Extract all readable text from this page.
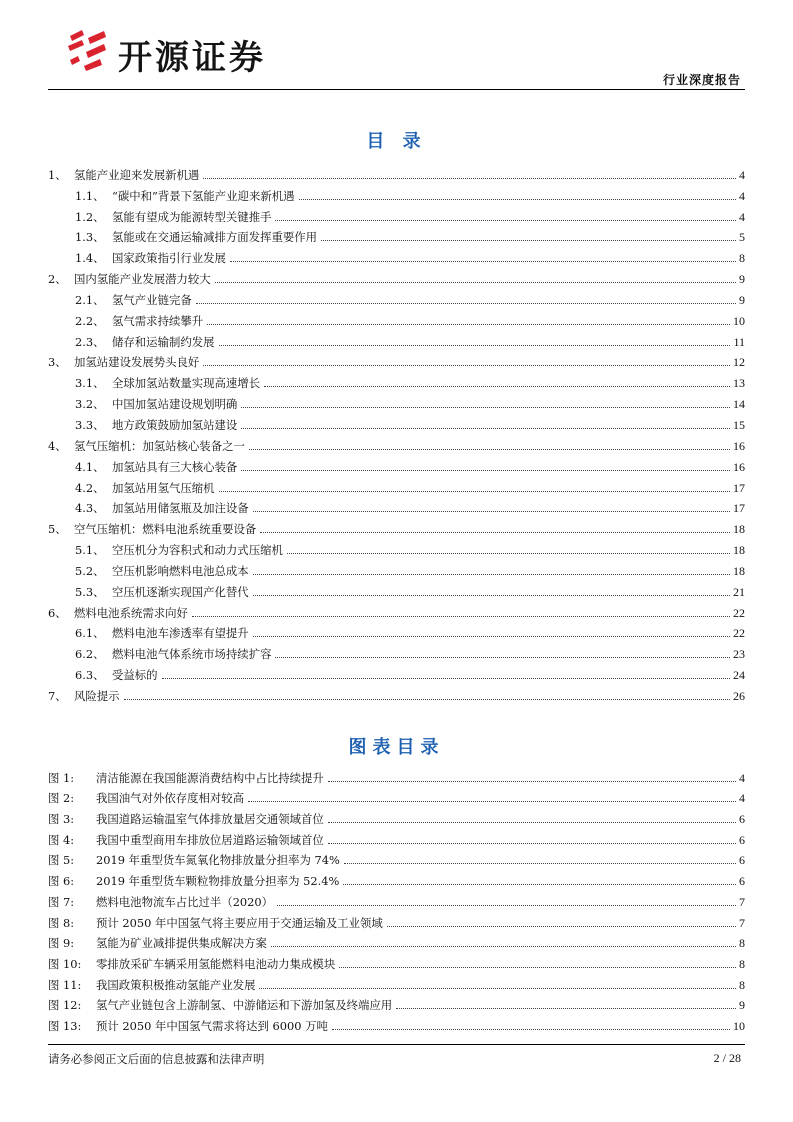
开源证券
行业深度报告
目 录
1、 氢能产业迎来发展新机遇	4
1.1、 “碳中和”背景下氢能产业迎来新机遇	4
1.2、 氢能有望成为能源转型关键推手	4
1.3、 氢能或在交通运输减排方面发挥重要作用	5
1.4、 国家政策指引行业发展	8
2、 国内氢能产业发展潜力较大	9
2.1、 氢气产业链完备	9
2.2、 氢气需求持续攀升	10
2.3、 储存和运输制约发展	11
3、 加氢站建设发展势头良好	12
3.1、 全球加氢站数量实现高速增长	13
3.2、 中国加氢站建设规划明确	14
3.3、 地方政策鼓励加氢站建设	15
4、 氢气压缩机：加氢站核心装备之一	16
4.1、 加氢站具有三大核心装备	16
4.2、 加氢站用氢气压缩机	17
4.3、 加氢站用储氢瓶及加注设备	17
5、 空气压缩机：燃料电池系统重要设备	18
5.1、 空压机分为容积式和动力式压缩机	18
5.2、 空压机影响燃料电池总成本	18
5.3、 空压机逐渐实现国产化替代	21
6、 燃料电池系统需求向好	22
6.1、 燃料电池车渗透率有望提升	22
6.2、 燃料电池气体系统市场持续扩容	23
6.3、 受益标的	24
7、 风险提示	26
图表目录
图 1:	清洁能源在我国能源消费结构中占比持续提升	4
图 2:	我国油气对外依存度相对较高	4
图 3:	我国道路运输温室气体排放量居交通领域首位	6
图 4:	我国中重型商用车排放位居道路运输领域首位	6
图 5:	2019 年重型货车氮氧化物排放量分担率为 74%	6
图 6:	2019 年重型货车颗粒物排放量分担率为 52.4%	6
图 7:	燃料电池物流车占比过半（2020）	7
图 8:	预计 2050 年中国氢气将主要应用于交通运输及工业领域	7
图 9:	氢能为矿业减排提供集成解决方案	8
图 10:	零排放采矿车辆采用氢能燃料电池动力集成模块	8
图 11:	我国政策积极推动氢能产业发展	8
图 12:	氢气产业链包含上游制氢、中游储运和下游加氢及终端应用	9
图 13:	预计 2050 年中国氢气需求将达到 6000 万吨	10
请务必参阅正文后面的信息披露和法律声明	2 / 28
